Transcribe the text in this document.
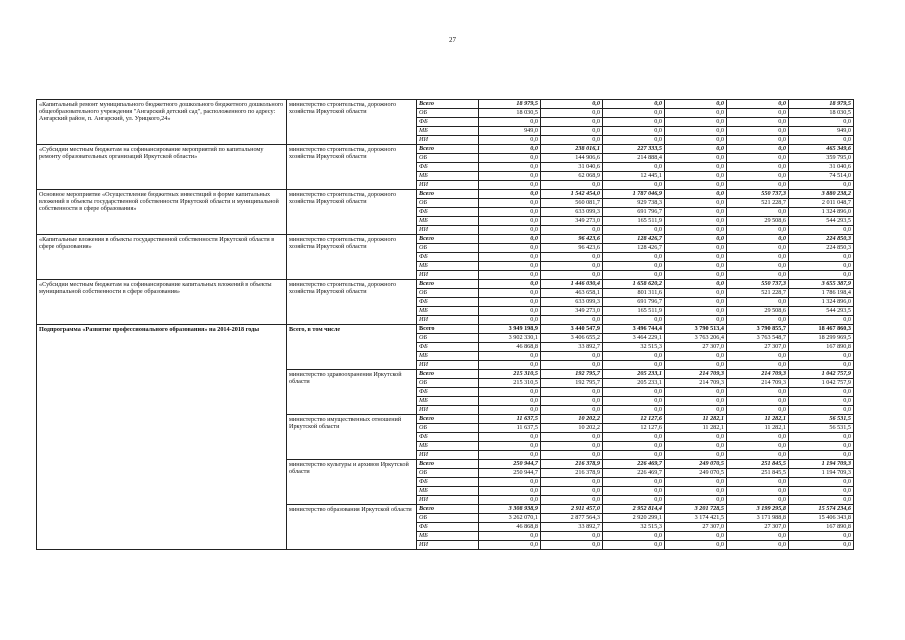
27
«Капитальный ремонт муниципального бюджетного дошкольного бюджетного дошкольного общеобразовательного учреждения "Ангарский детский сад", расположенного по адресу: Ангарский район, п. Ангарский, ул. Урицкого,24»	министерство строительства, дорожного хозяйства Иркутской области	Всего	18 979,5	0,0	0,0	0,0	0,0	18 979,5
		ОБ	18 030,5	0,0	0,0	0,0	0,0	18 030,5
		ФБ	0,0	0,0	0,0	0,0	0,0	0,0
		МБ	949,0	0,0	0,0	0,0	0,0	949,0
		ИИ	0,0	0,0	0,0	0,0	0,0	0,0
«Субсидии местным бюджетам на софинансирование мероприятий по капитальному ремонту образовательных организаций Иркутской области»	министерство строительства, дорожного хозяйства Иркутской области	Всего	0,0	238 016,1	227 333,5	0,0	0,0	465 349,6
		ОБ	0,0	144 906,6	214 888,4	0,0	0,0	359 795,0
		ФБ	0,0	31 040,6	0,0	0,0	0,0	31 040,6
		МБ	0,0	62 068,9	12 445,1	0,0	0,0	74 514,0
		ИИ	0,0	0,0	0,0	0,0	0,0	0,0
Основное мероприятие «Осуществление бюджетных инвестиций в форме капитальных вложений в объекты государственной собственности Иркутской области и муниципальной собственности в сфере образования»	министерство строительства, дорожного хозяйства Иркутской области	Всего	0,0	1 542 454,0	1 787 046,9	0,0	550 737,3	3 880 238,2
		ОБ	0,0	560 081,7	929 738,3	0,0	521 228,7	2 011 048,7
		ФБ	0,0	633 099,3	691 796,7	0,0	0,0	1 324 896,0
		МБ	0,0	349 273,0	165 511,9	0,0	29 508,6	544 293,5
		ИИ	0,0	0,0	0,0	0,0	0,0	0,0
«Капитальные вложения в объекты государственной собственности Иркутской области в сфере образования»	министерство строительства, дорожного хозяйства Иркутской области	Всего	0,0	96 423,6	128 426,7	0,0	0,0	224 850,3
		ОБ	0,0	96 423,6	128 426,7	0,0	0,0	224 850,3
		ФБ	0,0	0,0	0,0	0,0	0,0	0,0
		МБ	0,0	0,0	0,0	0,0	0,0	0,0
		ИИ	0,0	0,0	0,0	0,0	0,0	0,0
«Субсидии местным бюджетам на софинансирование капитальных вложений в объекты муниципальной собственности в сфере образования»	министерство строительства, дорожного хозяйства Иркутской области	Всего	0,0	1 446 030,4	1 658 620,2	0,0	550 737,3	3 655 387,9
		ОБ	0,0	463 658,1	801 311,6	0,0	521 228,7	1 786 198,4
		ФБ	0,0	633 099,3	691 796,7	0,0	0,0	1 324 896,0
		МБ	0,0	349 273,0	165 511,9	0,0	29 508,6	544 293,5
		ИИ	0,0	0,0	0,0	0,0	0,0	0,0
Подпрограмма «Развитие профессионального образования» на 2014-2018 годы	Всего, в том числе	Всего	3 949 198,9	3 440 547,9	3 496 744,4	3 790 513,4	3 790 855,7	18 467 860,3
		ОБ	3 902 330,1	3 406 655,2	3 464 229,1	3 763 206,4	3 763 548,7	18 299 969,5
		ФБ	46 868,8	33 892,7	32 515,3	27 307,0	27 307,0	167 890,8
		МБ	0,0	0,0	0,0	0,0	0,0	0,0
		ИИ	0,0	0,0	0,0	0,0	0,0	0,0
	министерство здравоохранения Иркутской области	Всего	215 310,5	192 795,7	205 233,1	214 709,3	214 709,3	1 042 757,9
		ОБ	215 310,5	192 795,7	205 233,1	214 709,3	214 709,3	1 042 757,9
		ФБ	0,0	0,0	0,0	0,0	0,0	0,0
		МБ	0,0	0,0	0,0	0,0	0,0	0,0
		ИИ	0,0	0,0	0,0	0,0	0,0	0,0
	министерство имущественных отношений Иркутской области	Всего	11 637,5	10 202,2	12 127,6	11 282,1	11 282,1	56 531,5
		ОБ	11 637,5	10 202,2	12 127,6	11 282,1	11 282,1	56 531,5
		ФБ	0,0	0,0	0,0	0,0	0,0	0,0
		МБ	0,0	0,0	0,0	0,0	0,0	0,0
		ИИ	0,0	0,0	0,0	0,0	0,0	0,0
	министерство культуры и архивов Иркутской области	Всего	250 944,7	216 378,9	226 469,7	249 070,5	251 845,5	1 194 709,3
		ОБ	250 944,7	216 378,9	226 469,7	249 070,5	251 845,5	1 194 709,3
		ФБ	0,0	0,0	0,0	0,0	0,0	0,0
		МБ	0,0	0,0	0,0	0,0	0,0	0,0
		ИИ	0,0	0,0	0,0	0,0	0,0	0,0
	министерство образования Иркутской области	Всего	3 308 938,9	2 911 457,0	2 952 814,4	3 201 728,5	3 199 295,8	15 574 234,6
		ОБ	3 262 070,1	2 877 564,3	2 920 299,1	3 174 421,5	3 171 988,8	15 406 343,8
		ФБ	46 868,8	33 892,7	32 515,3	27 307,0	27 307,0	167 890,8
		МБ	0,0	0,0	0,0	0,0	0,0	0,0
		ИИ	0,0	0,0	0,0	0,0	0,0	0,0
